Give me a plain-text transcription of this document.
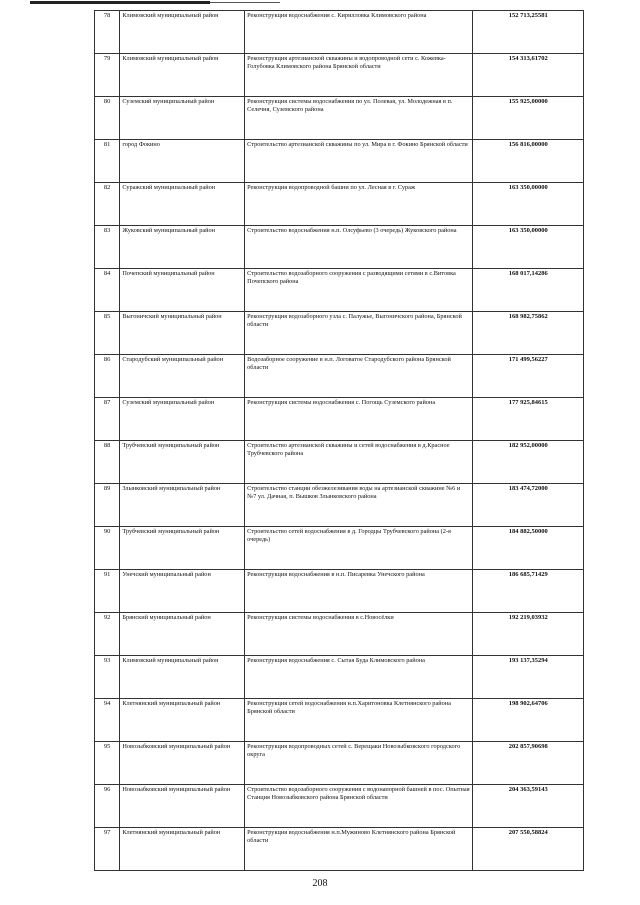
78	Климовский муниципальный район	Реконструкция водоснабжения с. Кирилловка Климовского района	152 713,25581
79	Климовский муниципальный район	Реконструкция артезианской скважины и водопроводной сети с. Кожевка-Голубовка Климовского района Брянской области	154 313,61702
80	Суземский муниципальный район	Реконструкция системы водоснабжения по ул. Полевая, ул. Молодежная в п. Селечня, Суземского района	155 925,00000
81	город Фокино	Строительство артезианской скважины по ул. Мира в г. Фокино Брянской области	156 816,00000
82	Суражский муниципальный район	Реконструкция водопроводной башни по ул. Лесная в г. Сураж	163 350,00000
83	Жуковский муниципальный район	Строительство водоснабжения н.п. Олсуфьево (3 очередь) Жуковского района	163 350,00000
84	Почепский муниципальный район	Строительство водозаборного сооружения с разводящими сетями в с.Витовка Почепского района	168 017,14286
85	Выгоничский муниципальный район	Реконструкция водозаборного узла с. Палужье, Выгоничского района, Брянской области	168 982,75862
86	Стародубский муниципальный район	Водозаборное сооружение в н.п. Логоватое Стародубского района Брянской области	171 499,56227
87	Суземский муниципальный район	Реконструкция системы водоснабжения с. Погощь Суземского района	177 925,84615
88	Трубчевский муниципальный район	Строительство артезианской скважины и сетей водоснабжения в д.Красное Трубчевского района	182 952,00000
89	Злынковский муниципальный район	Строительство станции обезжелезивания воды на артезианской скважине №6 и №7 ул. Дачная, п. Вышков Злынковского района	183 474,72000
90	Трубчевский муниципальный район	Строительство сетей водоснабжения в д. Городцы Трубчевского района (2-я очередь)	184 882,50000
91	Унечский муниципальный район	Реконструкция водоснабжения в н.п. Писаревка Унечского района	186 685,71429
92	Брянский муниципальный район	Реконструкция системы водоснабжения в с.Новосёлки	192 219,03932
93	Климовский муниципальный район	Реконструкция водоснабжения с. Сытая Буда Климовского района	193 137,35294
94	Клетнянский муниципальный район	Реконструкция сетей водоснабжения н.п.Харитоновка Клетнянского района Брянской области	198 902,64706
95	Новозыбковский муниципальный район	Реконструкция водопроводных сетей с. Верещаки Новозыбковского городского округа	202 857,90698
96	Новозыбковский муниципальный район	Строительство водозаборного сооружения с водонапорной башней в пос. Опытная Станция Новозыбковского района Брянской области	204 363,59143
97	Клетнянский муниципальный район	Реконструкция водоснабжения н.п.Мужиново Клетнянского района Брянской области	207 550,58824
208
